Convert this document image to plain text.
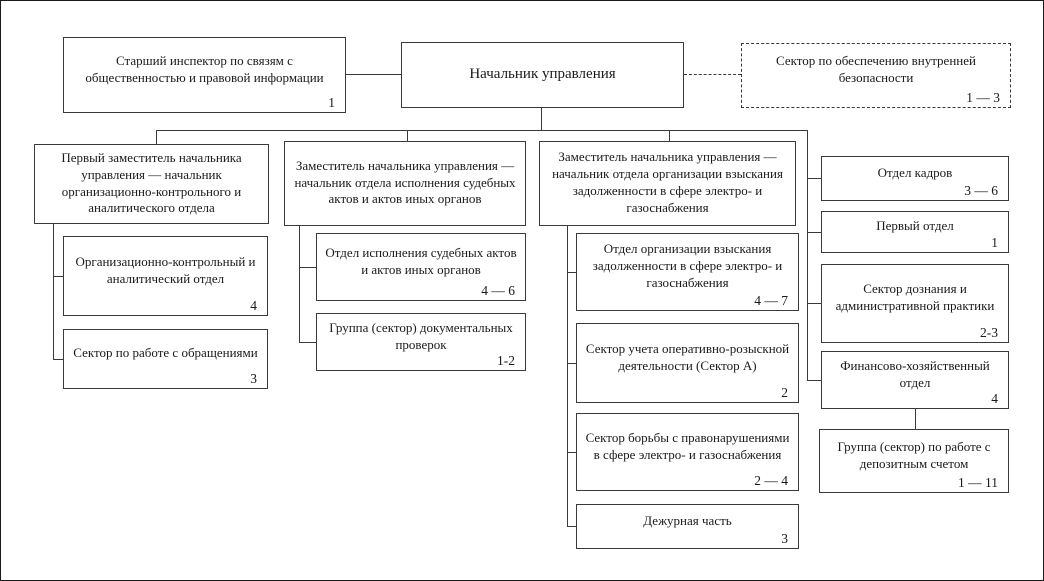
Старший инспектор по связям с общественностью и правовой информации
1
Начальник управления
Сектор по обеспечению внутренней безопасности
1 — 3
Первый заместитель начальника управления — начальник организационно-контрольного и аналитического отдела
Заместитель начальника управления — начальник отдела исполнения судебных актов и актов иных органов
Заместитель начальника управления — начальник отдела организации взыскания задолженности в сфере электро- и газоснабжения
Организационно-контрольный и аналитический отдел
4
Сектор по работе с обращениями
3
Отдел исполнения судебных актов и актов иных органов
4 — 6
Группа (сектор) документальных проверок
1-2
Отдел организации взыскания задолженности в сфере электро- и газоснабжения
4 — 7
Сектор учета оперативно-розыскной деятельности (Сектор А)
2
Сектор борьбы с правонарушениями в сфере электро- и газоснабжения
2 — 4
Дежурная часть
3
Отдел кадров
3 — 6
Первый отдел
1
Сектор дознания и административной практики
2-3
Финансово-хозяйственный отдел
4
Группа (сектор) по работе с депозитным счетом
1 — 11
